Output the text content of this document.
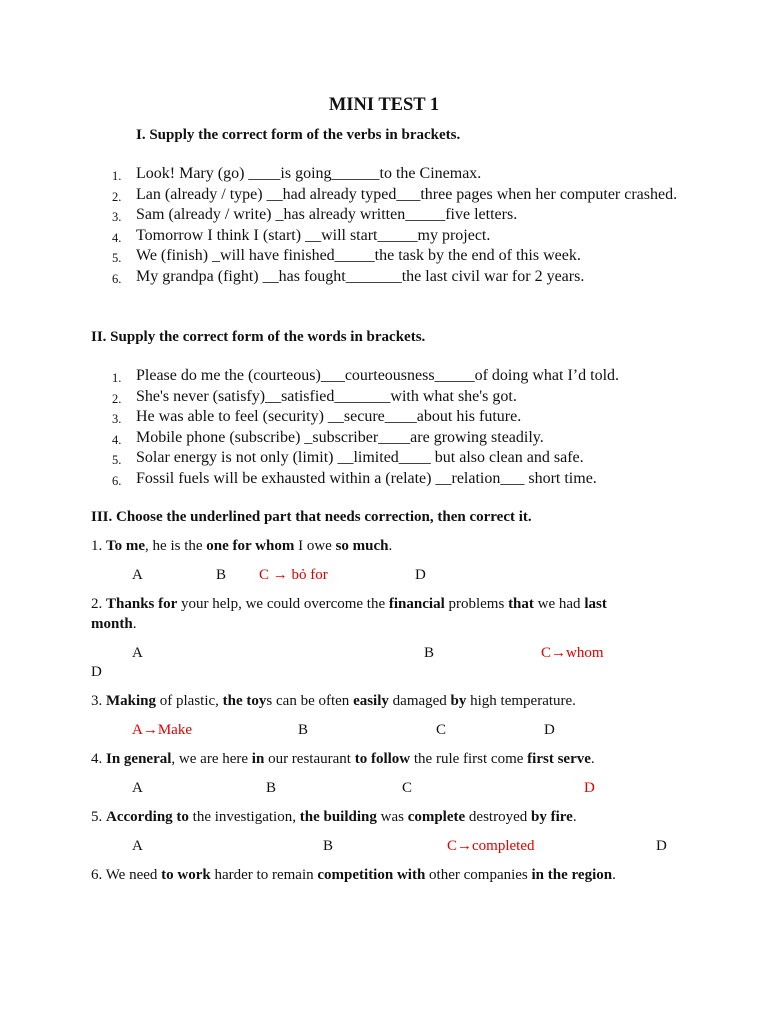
MINI TEST 1
I. Supply the correct form of the verbs in brackets.
1. Look! Mary (go) ____is going______to the Cinemax.
2. Lan (already / type) __had already typed___three pages when her computer crashed.
3. Sam (already / write) _has already written_____five letters.
4. Tomorrow I think I (start) __will start_____my project.
5. We (finish) _will have finished_____the task by the end of this week.
6. My grandpa (fight) __has fought_______the last civil war for 2 years.
II. Supply the correct form of the words in brackets.
1. Please do me the (courteous)___courteousness_____of doing what I’d told.
2. She's never (satisfy)__satisfied_______with what she's got.
3. He was able to feel (security) __secure____about his future.
4. Mobile phone (subscribe) _subscriber____are growing steadily.
5. Solar energy is not only (limit) __limited____ but also clean and safe.
6. Fossil fuels will be exhausted within a (relate) __relation___ short time.
III. Choose the underlined part that needs correction, then correct it.
1. To me, he is the one for whom I owe so much.
A	B C → bỏ for	D
2. Thanks for your help, we could overcome the financial problems that we had last
month.
A	B	C→whom
D
3. Making of plastic, the toys can be often easily damaged by high temperature.
A→Make	B	C	D
4. In general, we are here in our restaurant to follow the rule first come first serve.
A	B	C	D
5. According to the investigation, the building was complete destroyed by fire.
A	B	C→completed	D
6. We need to work harder to remain competition with other companies in the region.
